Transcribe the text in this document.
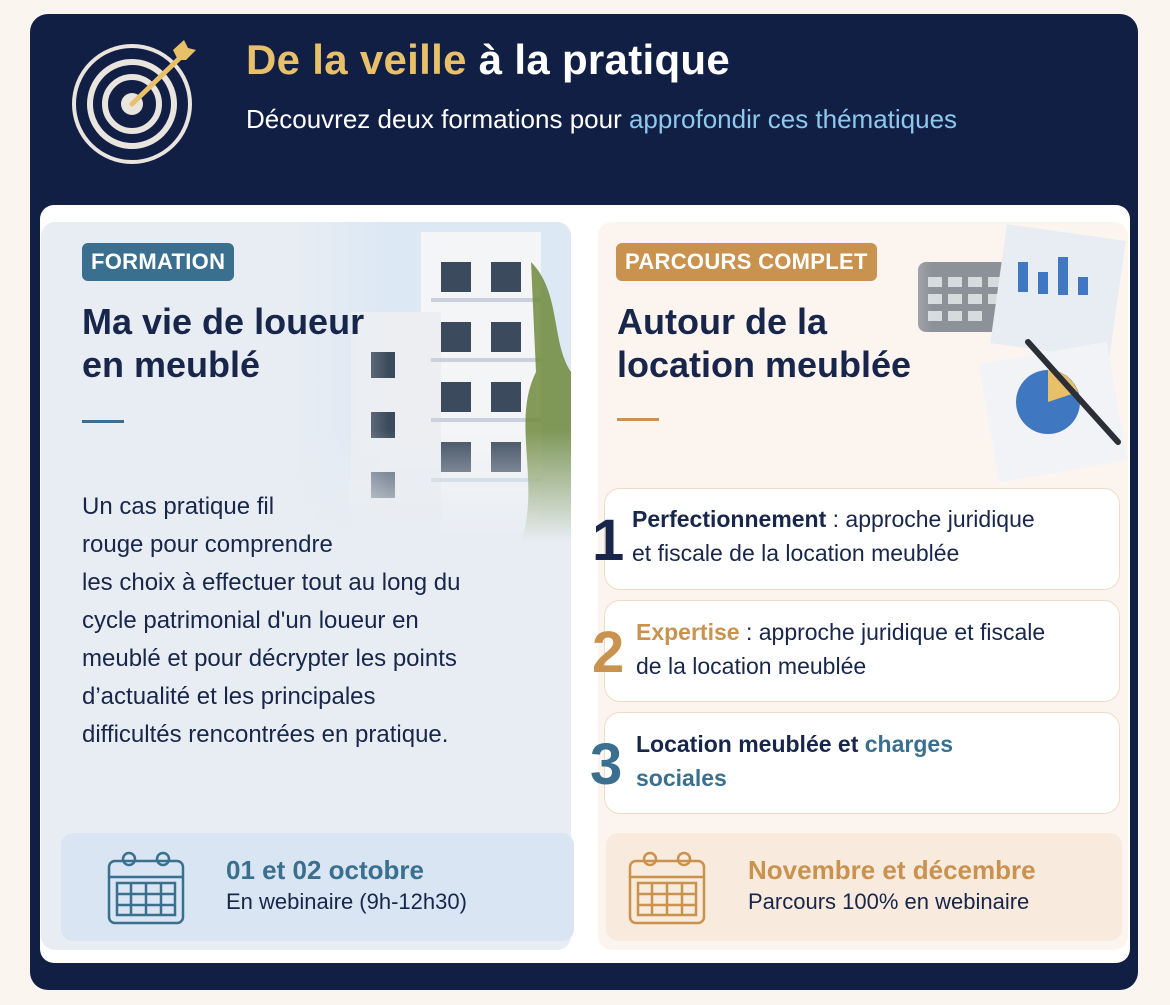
De la veille à la pratique
Découvrez deux formations pour approfondir ces thématiques
FORMATION
Ma vie de loueur
en meublé
Un cas pratique fil
rouge pour comprendre
les choix à effectuer tout au long du
cycle patrimonial d'un loueur en
meublé et pour décrypter les points
d’actualité et les principales
difficultés rencontrées en pratique.
01 et 02 octobre
En webinaire (9h-12h30)
PARCOURS COMPLET
Autour de la
location meublée
1 Perfectionnement : approche juridique
et fiscale de la location meublée
2 Expertise : approche juridique et fiscale
de la location meublée
3 Location meublée et charges
sociales
Novembre et décembre
Parcours 100% en webinaire
